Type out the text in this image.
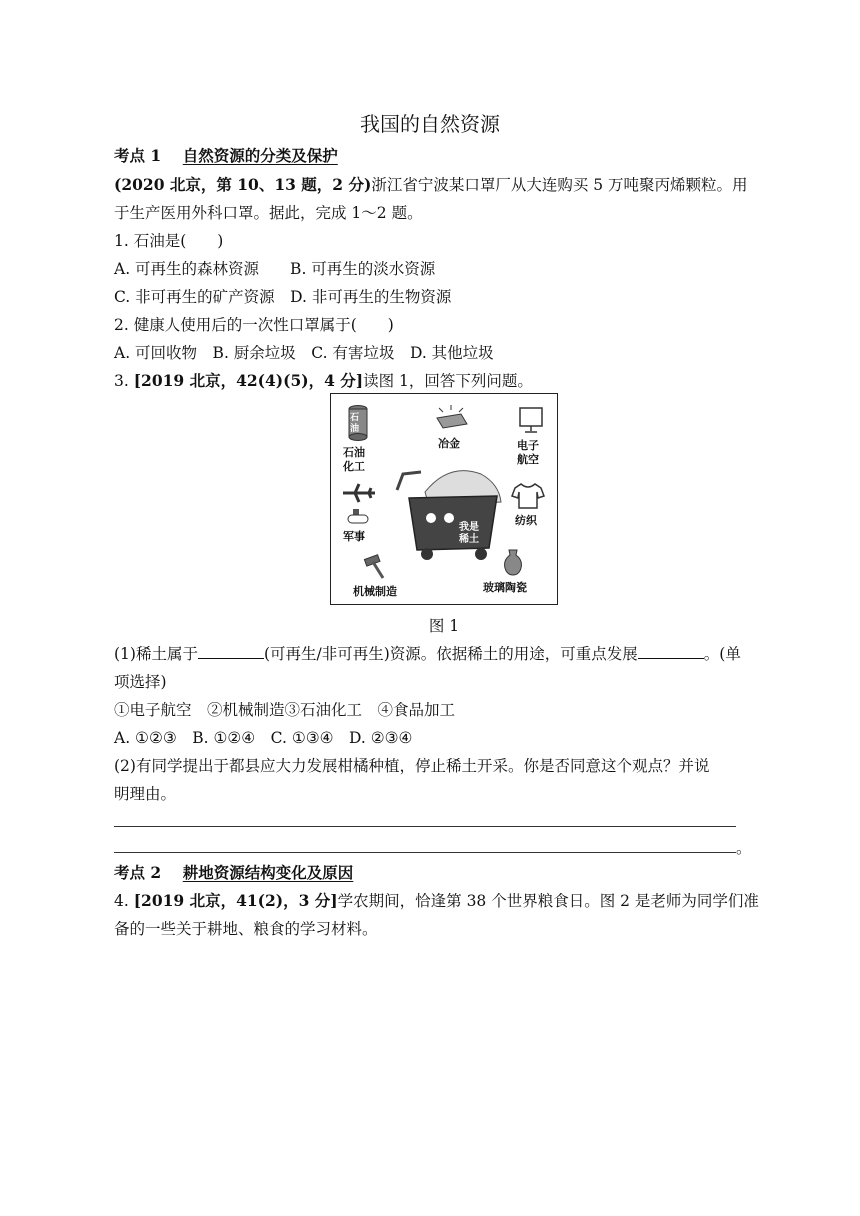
我国的自然资源
考点 1 自然资源的分类及保护
(2020 北京，第 10、13 题，2 分)浙江省宁波某口罩厂从大连购买 5 万吨聚丙烯颗粒。用
于生产医用外科口罩。据此，完成 1～2 题。
1. 石油是(　　)
A. 可再生的森林资源　　B. 可再生的淡水资源
C. 非可再生的矿产资源　D. 非可再生的生物资源
2. 健康人使用后的一次性口罩属于(　　)
A. 可回收物　B. 厨余垃圾　C. 有害垃圾　D. 其他垃圾
3. [2019 北京，42(4)(5)，4 分]读图 1，回答下列问题。
石
油
石油
化工
冶金	电子
航空
军事
纺织
我是
稀土
机械制造	玻璃陶瓷
图 1
(1)稀土属于	(可再生/非可再生)资源。依据稀土的用途，可重点发展	。(单
项选择)
①电子航空　②机械制造③石油化工　④食品加工
A. ①②③　B. ①②④　C. ①③④　D. ②③④
(2)有同学提出于都县应大力发展柑橘种植，停止稀土开采。你是否同意这个观点？并说
明理由。
。
考点 2 耕地资源结构变化及原因
4. [2019 北京，41(2)，3 分]学农期间，恰逢第 38 个世界粮食日。图 2 是老师为同学们准
备的一些关于耕地、粮食的学习材料。
